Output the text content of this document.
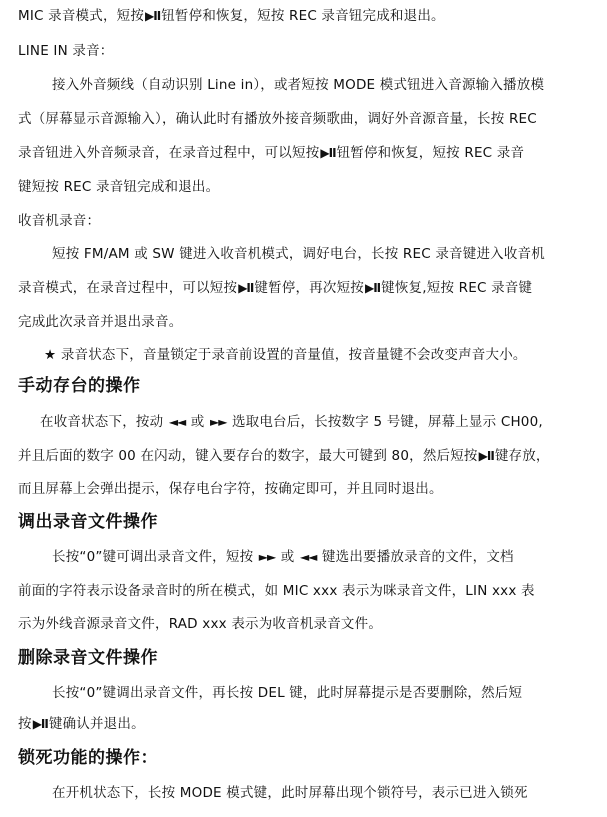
MIC 录音模式，短按▶II钮暂停和恢复，短按 REC 录音钮完成和退出。
LINE IN 录音：
接入外音频线（自动识别 Line in），或者短按 MODE 模式钮进入音源输入播放模
式（屏幕显示音源输入），确认此时有播放外接音频歌曲，调好外音源音量，长按 REC
录音钮进入外音频录音，在录音过程中，可以短按▶II钮暂停和恢复，短按 REC 录音
键短按 REC 录音钮完成和退出。
收音机录音：
短按 FM/AM 或 SW 键进入收音机模式，调好电台，长按 REC 录音键进入收音机
录音模式，在录音过程中，可以短按▶II键暂停，再次短按▶II键恢复,短按 REC 录音键
完成此次录音并退出录音。
★ 录音状态下，音量锁定于录音前设置的音量值，按音量键不会改变声音大小。
手动存台的操作
在收音状态下，按动 ◄◄ 或 ►► 选取电台后，长按数字 5 号键，屏幕上显示 CH00,
并且后面的数字 00 在闪动，键入要存台的数字，最大可键到 80，然后短按▶II键存放，
而且屏幕上会弹出提示，保存电台字符，按确定即可，并且同时退出。
调出录音文件操作
长按“0”键可调出录音文件，短按 ►► 或 ◄◄ 键选出要播放录音的文件，文档
前面的字符表示设备录音时的所在模式，如 MIC xxx 表示为咪录音文件，LIN xxx 表
示为外线音源录音文件，RAD xxx 表示为收音机录音文件。
删除录音文件操作
长按“0”键调出录音文件，再长按 DEL 键，此时屏幕提示是否要删除，然后短
按▶II键确认并退出。
锁死功能的操作：
在开机状态下，长按 MODE 模式键，此时屏幕出现个锁符号，表示已进入锁死
